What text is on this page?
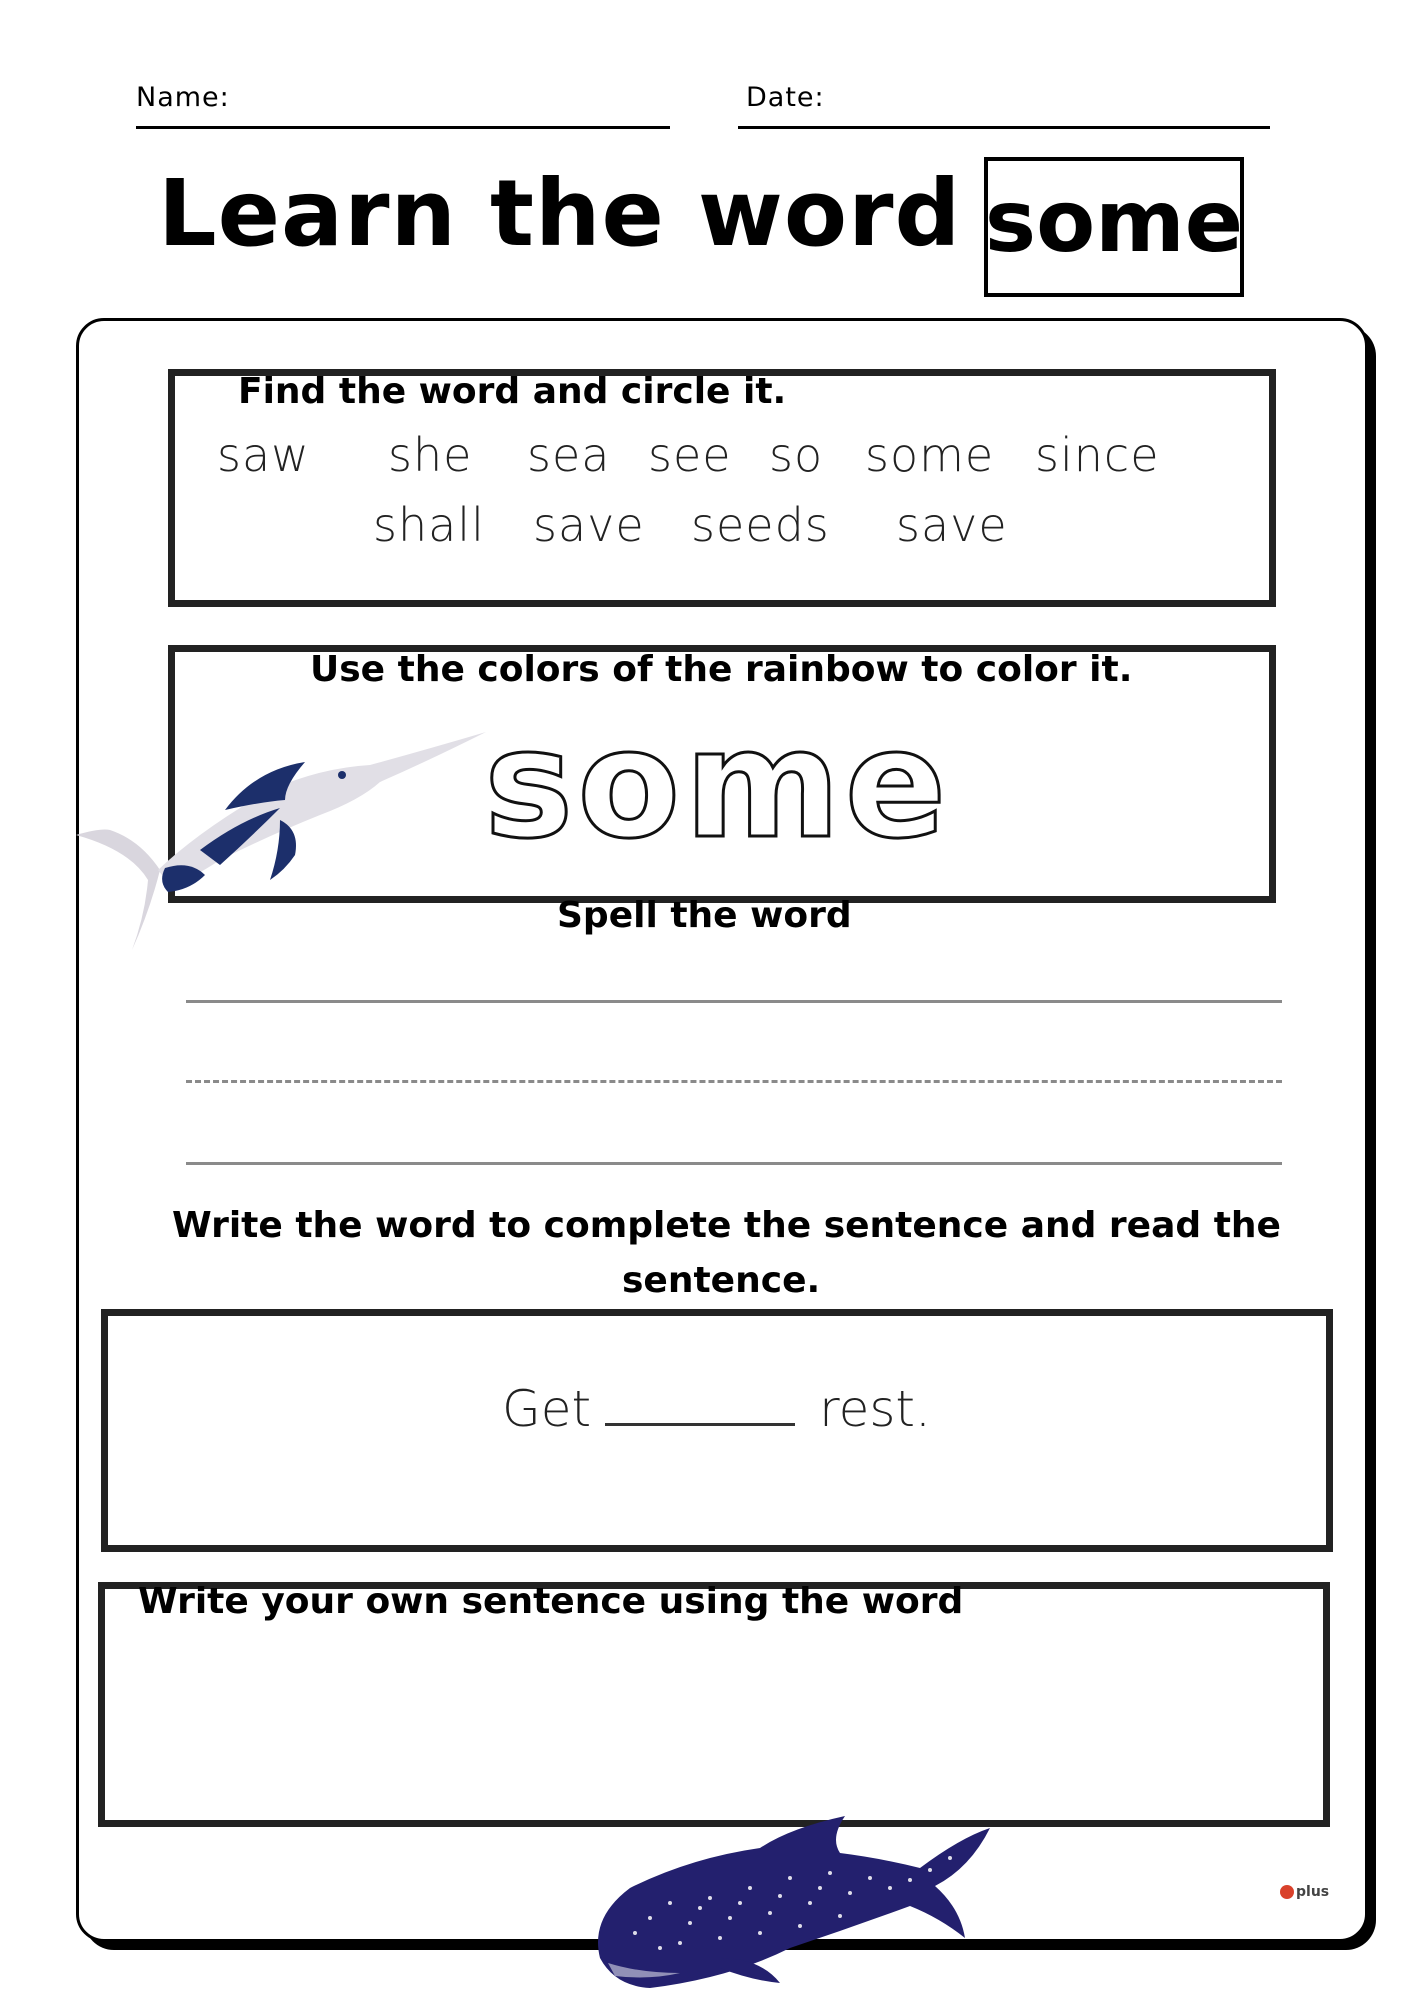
Name:	Date:
Learn the word some
Find the word and circle it.
saw she sea see so some since
shall save seeds save
Use the colors of the rainbow to color it.
some
Spell the word
Write the word to complete the sentence and read the
sentence.
Get	rest.
Write your own sentence using the word
plus
